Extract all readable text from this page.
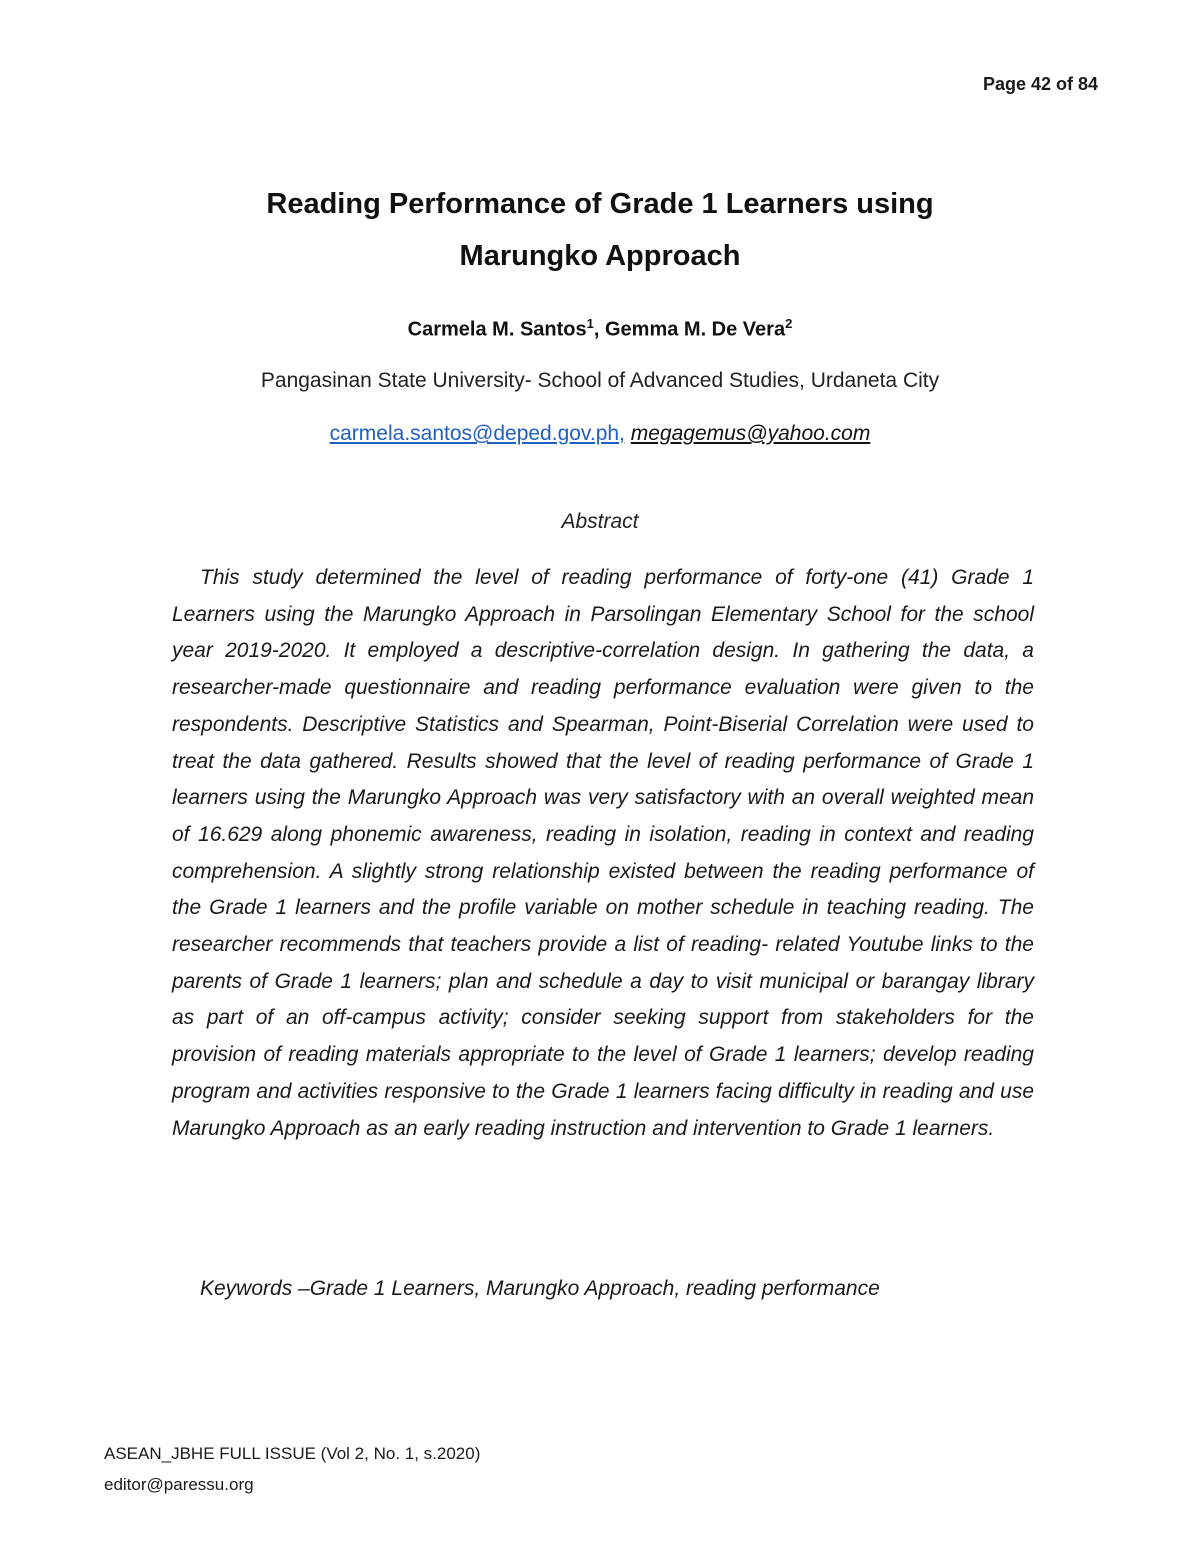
Page 42 of 84
Reading Performance of Grade 1 Learners using
Marungko Approach
Carmela M. Santos$^1$, Gemma M. De Vera$^2$
Pangasinan State University- School of Advanced Studies, Urdaneta City
carmela.santos@deped.gov.ph, megagemus@yahoo.com
Abstract

This study determined the level of reading performance of forty-one (41) Grade 1 Learners using the Marungko Approach in Parsolingan Elementary School for the school year 2019-2020. It employed a descriptive-correlation design. In gathering the data, a researcher-made questionnaire and reading performance evaluation were given to the respondents. Descriptive Statistics and Spearman, Point-Biserial Correlation were used to treat the data gathered. Results showed that the level of reading performance of Grade 1 learners using the Marungko Approach was very satisfactory with an overall weighted mean of 16.629 along phonemic awareness, reading in isolation, reading in context and reading comprehension. A slightly strong relationship existed between the reading performance of the Grade 1 learners and the profile variable on mother schedule in teaching reading. The researcher recommends that teachers provide a list of reading- related Youtube links to the parents of Grade 1 learners; plan and schedule a day to visit municipal or barangay library as part of an off-campus activity; consider seeking support from stakeholders for the provision of reading materials appropriate to the level of Grade 1 learners; develop reading program and activities responsive to the Grade 1 learners facing difficulty in reading and use Marungko Approach as an early reading instruction and intervention to Grade 1 learners.

Keywords –Grade 1 Learners, Marungko Approach, reading performance
ASEAN_JBHE FULL ISSUE (Vol 2, No. 1, s.2020)
editor@paressu.org
